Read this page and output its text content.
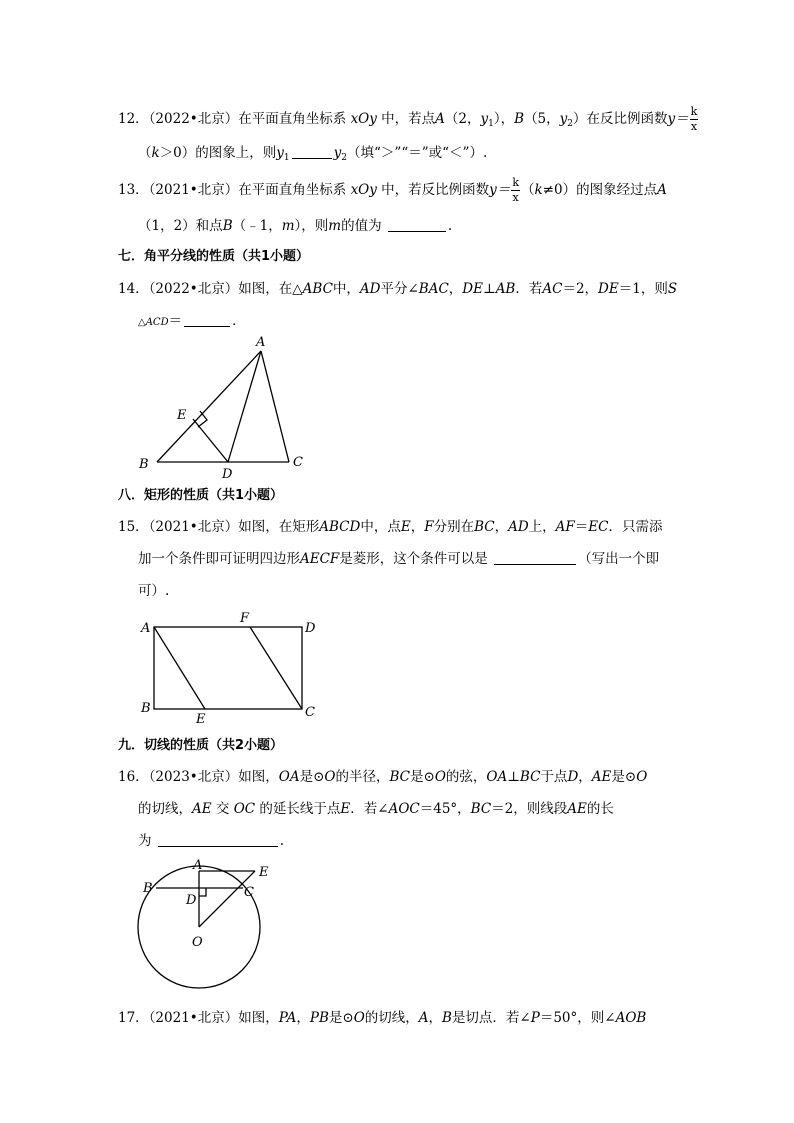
12．（2022•北京）在平面直角坐标系 xOy 中，若点A（2，$y_1$），B（5，$y_2$）在反比例函数$y= \frac{k}{x}$
（k＞0）的图象上，则$y_1$	$y_2$（填“＞”“＝”或“＜”）.
13．（2021•北京）在平面直角坐标系 xOy 中，若反比例函数$y= \frac{k}{x} (k\ne 0)$的图象经过点A
（1，2）和点B（﹣1，m），则m的值为	.
七．角平分线的性质（共1小题）
14．（2022•北京）如图，在△ABC中，AD平分∠BAC，DE⊥AB．若AC＝2，DE＝1，则S
△ACD＝	．
A
E
B
D
C
八．矩形的性质（共1小题）
15．（2021•北京）如图，在矩形ABCD中，点E，F分别在BC，AD上，AF＝EC．只需添
加一个条件即可证明四边形AECF是菱形，这个条件可以是	（写出一个即
可）.
A
F
D
B
E	C
九．切线的性质（共2小题）
16．（2023•北京）如图，OA是⊙O的半径，BC是⊙O的弦，OA⊥BC于点D，AE是⊙O
的切线，AE 交 OC 的延长线于点E．若∠AOC＝45°，BC＝2，则线段AE的长
为	.
A	E
B	C
D
O
17．（2021•北京）如图，PA，PB是⊙O的切线，A，B是切点．若∠P＝50°，则∠AOB
